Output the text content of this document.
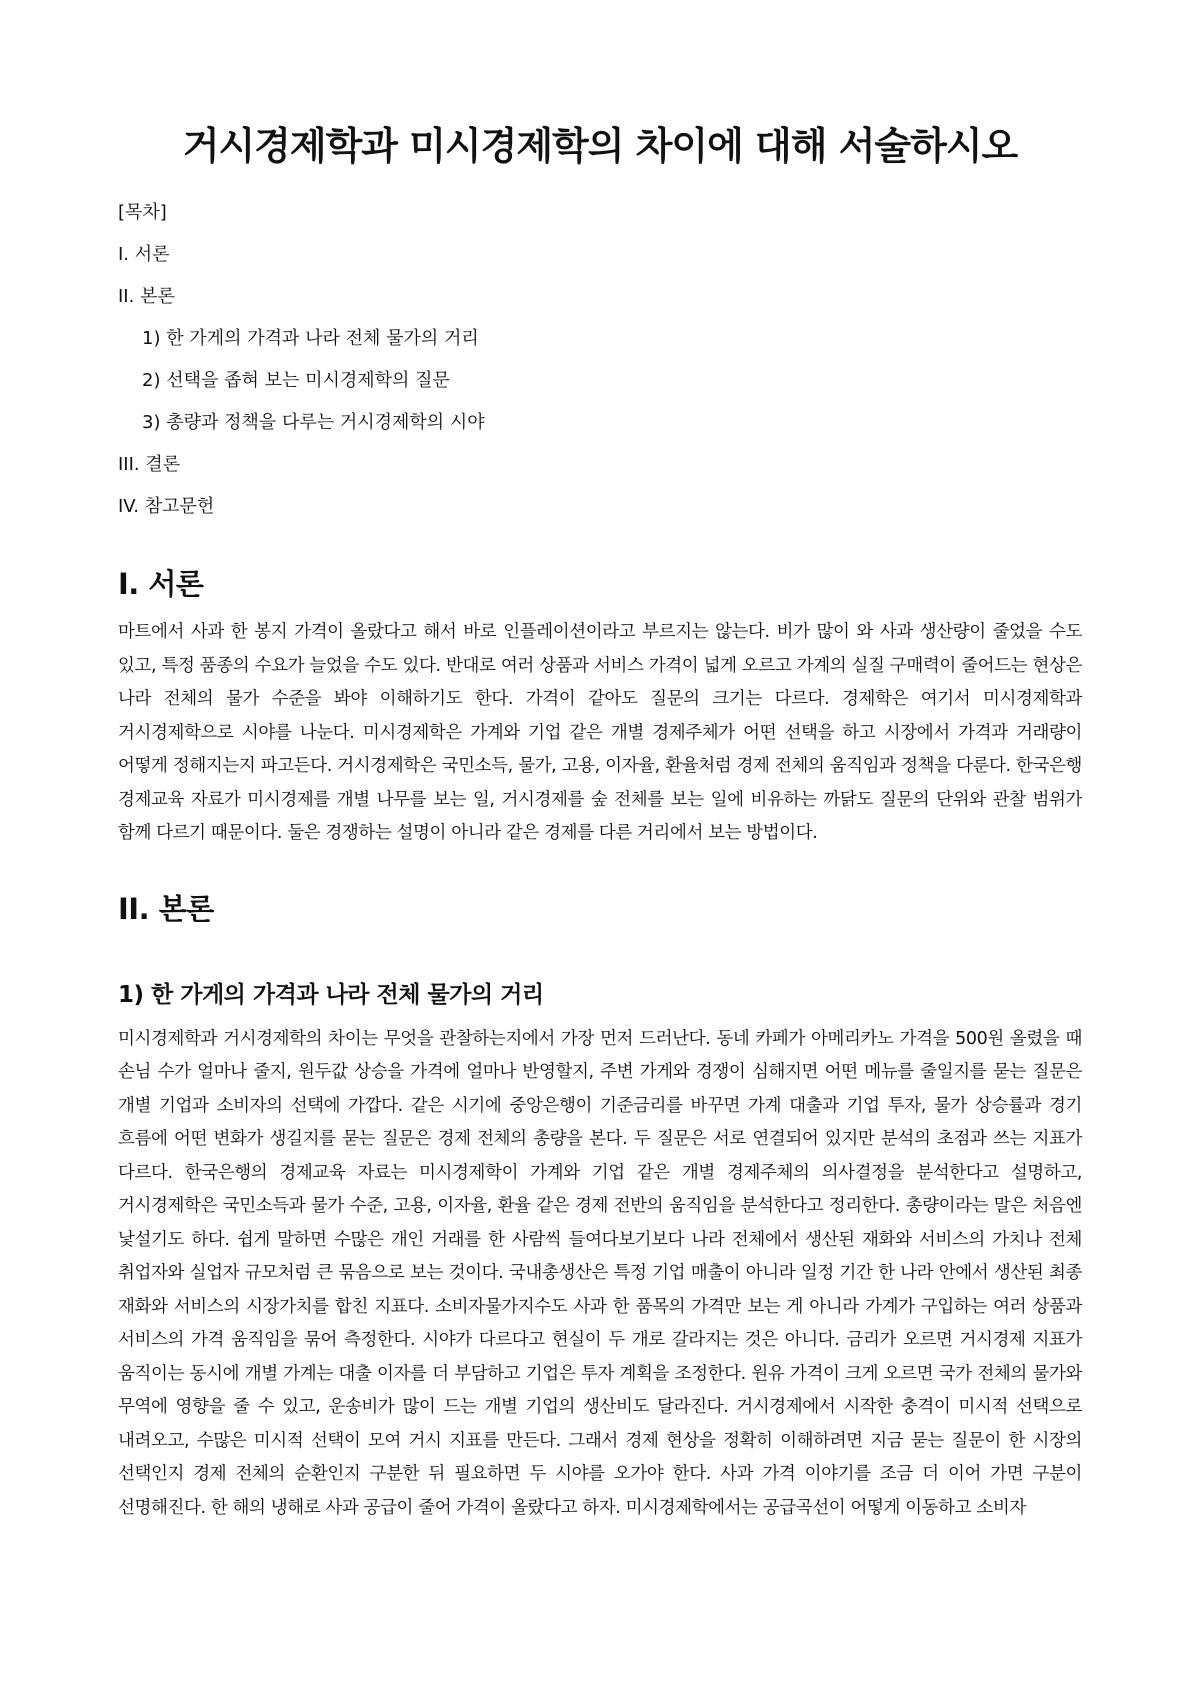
거시경제학과 미시경제학의 차이에 대해 서술하시오
[목차]
I. 서론
II. 본론
1) 한 가게의 가격과 나라 전체 물가의 거리
2) 선택을 좁혀 보는 미시경제학의 질문
3) 총량과 정책을 다루는 거시경제학의 시야
III. 결론
IV. 참고문헌
I. 서론

마트에서 사과 한 봉지 가격이 올랐다고 해서 바로 인플레이션이라고 부르지는 않는다. 비가 많이 와 사과 생산량이 줄었을 수도 있고, 특정 품종의 수요가 늘었을 수도 있다. 반대로 여러 상품과 서비스 가격이 넓게 오르고 가계의 실질 구매력이 줄어드는 현상은 나라 전체의 물가 수준을 봐야 이해하기도 한다. 가격이 같아도 질문의 크기는 다르다. 경제학은 여기서 미시경제학과 거시경제학으로 시야를 나눈다. 미시경제학은 가계와 기업 같은 개별 경제주체가 어떤 선택을 하고 시장에서 가격과 거래량이 어떻게 정해지는지 파고든다. 거시경제학은 국민소득, 물가, 고용, 이자율, 환율처럼 경제 전체의 움직임과 정책을 다룬다. 한국은행 경제교육 자료가 미시경제를 개별 나무를 보는 일, 거시경제를 숲 전체를 보는 일에 비유하는 까닭도 질문의 단위와 관찰 범위가 함께 다르기 때문이다. 둘은 경쟁하는 설명이 아니라 같은 경제를 다른 거리에서 보는 방법이다.

II. 본론
1) 한 가게의 가격과 나라 전체 물가의 거리

미시경제학과 거시경제학의 차이는 무엇을 관찰하는지에서 가장 먼저 드러난다. 동네 카페가 아메리카노 가격을 500원 올렸을 때 손님 수가 얼마나 줄지, 원두값 상승을 가격에 얼마나 반영할지, 주변 가게와 경쟁이 심해지면 어떤 메뉴를 줄일지를 묻는 질문은 개별 기업과 소비자의 선택에 가깝다. 같은 시기에 중앙은행이 기준금리를 바꾸면 가계 대출과 기업 투자, 물가 상승률과 경기 흐름에 어떤 변화가 생길지를 묻는 질문은 경제 전체의 총량을 본다. 두 질문은 서로 연결되어 있지만 분석의 초점과 쓰는 지표가 다르다. 한국은행의 경제교육 자료는 미시경제학이 가계와 기업 같은 개별 경제주체의 의사결정을 분석한다고 설명하고, 거시경제학은 국민소득과 물가 수준, 고용, 이자율, 환율 같은 경제 전반의 움직임을 분석한다고 정리한다. 총량이라는 말은 처음엔 낯설기도 하다. 쉽게 말하면 수많은 개인 거래를 한 사람씩 들여다보기보다 나라 전체에서 생산된 재화와 서비스의 가치나 전체 취업자와 실업자 규모처럼 큰 묶음으로 보는 것이다. 국내총생산은 특정 기업 매출이 아니라 일정 기간 한 나라 안에서 생산된 최종 재화와 서비스의 시장가치를 합친 지표다. 소비자물가지수도 사과 한 품목의 가격만 보는 게 아니라 가계가 구입하는 여러 상품과 서비스의 가격 움직임을 묶어 측정한다. 시야가 다르다고 현실이 두 개로 갈라지는 것은 아니다. 금리가 오르면 거시경제 지표가 움직이는 동시에 개별 가계는 대출 이자를 더 부담하고 기업은 투자 계획을 조정한다. 원유 가격이 크게 오르면 국가 전체의 물가와 무역에 영향을 줄 수 있고, 운송비가 많이 드는 개별 기업의 생산비도 달라진다. 거시경제에서 시작한 충격이 미시적 선택으로 내려오고, 수많은 미시적 선택이 모여 거시 지표를 만든다. 그래서 경제 현상을 정확히 이해하려면 지금 묻는 질문이 한 시장의 선택인지 경제 전체의 순환인지 구분한 뒤 필요하면 두 시야를 오가야 한다. 사과 가격 이야기를 조금 더 이어 가면 구분이 선명해진다. 한 해의 냉해로 사과 공급이 줄어 가격이 올랐다고 하자. 미시경제학에서는 공급곡선이 어떻게 이동하고 소비자
